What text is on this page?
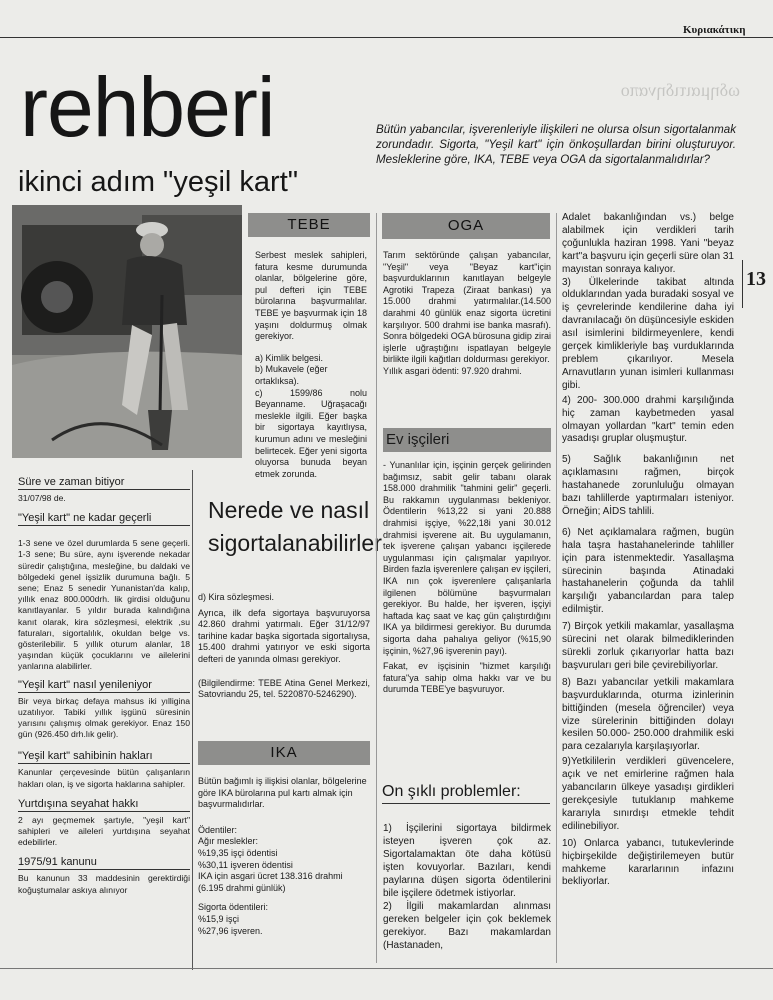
Κυριακάτικη
ωδημαιτιδηναπο
rehberi
ikinci adım "yeşil kart"
Bütün yabancılar, işverenleriyle ilişkileri ne olursa olsun sigortalanmak zorundadır. Sigorta, "Yeşil kart" için önkoşullardan birini oluşturuyor. Mesleklerine göre, IKA, TEBE veya OGA da sigortalanmalıdırlar?
Süre ve zaman bitiyor

31/07/98 de.

"Yeşil kart" ne kadar geçerli

1-3 sene ve özel durumlarda 5 sene geçerli. 1-3 sene; Bu süre, aynı işverende nekadar süredir çalıştığına, mesleğine, bu daldaki ve bölgedeki genel işsizlik durumuna bağlı. 5 sene; Enaz 5 senedir Yunanistan'da kalıp, yıllık enaz 800.000drh. lik girdisi olduğunu kanıtlayanlar. 5 yıldır burada kalındığına kanıt olarak, kira sözleşmesi, elektrik ,su faturaları, sigortalılık, okuldan belge vs. gösterilebilir. 5 yıllık oturum alanlar, 18 yaşından küçük çocuklarını ve ailelerini yanlarına alabilirler.

"Yeşil kart" nasıl yenileniyor

Bir veya birkaç defaya mahsus iki yılligina uzatılıyor. Tabiki yıllık işgünü süresinin yarısını çalışmış olmak gerekiyor. Enaz 150 gün (926.450 drh.lık gelir).

"Yeşil kart" sahibinin hakları

Kanunlar çerçevesinde bütün çalışanların hakları olan, iş ve sigorta haklarına sahipler.

Yurtdışına seyahat hakkı

2 ayı geçmemek şartıyle, "yeşil kart" sahipleri ve aileleri yurtdışına seyahat edebilirler.

1975/91 kanunu

Bu kanunun 33 maddesinin gerektirdiği koğuştumalar askıya alınıyor

TEBE

Serbest meslek sahipleri, fatura kesme durumunda olanlar, bölgelerine göre, pul defteri için TEBE bürolarına başvurmalılar. TEBE ye başvurmak için 18 yaşını doldurmuş olmak gerekiyor.

a) Kimlik belgesi.

b) Mukavele (eğer ortaklıksa).

c) 1599/86 nolu Beyanname. Uğraşacağı meslekle ilgili. Eğer başka bir sigortaya kayıtlıysa, kurumun adını ve mesleğini belirtecek. Eğer yeni sigorta oluyorsa bunuda beyan etmek zorunda.

Nerede ve nasıl sigortalanabilirler

d) Kira sözleşmesi.

Ayrıca, ilk defa sigortaya başvuruyorsa 42.860 drahmi yatırmalı. Eğer 31/12/97 tarihine kadar başka sigortada sigortalıysa, 15.400 drahmi yatırıyor ve eski sigorta defteri de yanında olması gerekiyor.

(Bilgilendirme: TEBE Atina Genel Merkezi, Satovriandu 25, tel. 5220870-5246290).

IKA

Bütün bağımlı iş ilişkisi olanlar, bölgelerine göre IKA bürolarına pul kartı almak için başvurmalıdırlar.

Ödentiler:

Ağır meslekler:

%19,35 işçi ödentisi

%30,11 işveren ödentisi

IKA için asgari ücret 138.316 drahmi (6.195 drahmi günlük)

Sigorta ödentileri:

%15,9 işçi

%27,96 işveren.

OGA

Tarım sektöründe çalışan yabancılar, "Yeşil" veya "Beyaz kart"için başvurduklarının kanıtlayan belgeyle Agrotiki Trapeza (Ziraat bankası) ya 15.000 drahmi yatırmalılar.(14.500 darahmi 40 günlük enaz sigorta ücretini karşılıyor. 500 drahmi ise banka masrafı). Sonra bölgedeki OGA bürosuna gidip zirai işlerle uğraştığını ispatlayan belgeyle birlikte ilgili kağıtları doldurması gerekiyor.

Yıllık asgari ödenti: 97.920 drahmi.

Ev işçileri

- Yunanlılar için, işçinin gerçek gelirinden bağımsız, sabit gelir tabanı olarak 158.000 drahmilik "tahmini gelir" geçerli. Bu rakkamın uygulanması bekleniyor. Ödentilerin %13,22 si yani 20.888 drahmisi işçiye, %22,18i yani 30.012 drahmisi işverene ait. Bu uygulamanın, tek işverene çalışan yabancı işçilerede uygulanması için çalışmalar yapılıyor. Birden fazla işverenlere çalışan ev işçileri, IKA nın çok işverenlere çalışanlarla ilgilenen bölümüne başvurmaları gerekiyor. Bu halde, her işveren, işçiyi haftada kaç saat ve kaç gün çalıştırdığını IKA ya bildirmesi gerekiyor. Bu durumda sigorta daha pahalıya geliyor (%15,90 işçinin, %27,96 işverenin payı).

Fakat, ev işçisinin "hizmet karşılığı fatura"ya sahip olma hakkı var ve bu durumda TEBE'ye başvuruyor.

On şıklı problemler:

1) İşçilerini sigortaya bildirmek isteyen işveren çok az. Sigortalamaktan öte daha kötüsü işten kovuyorlar. Bazıları, kendi paylarına düşen sigorta ödentilerini bile işçilere ödetmek istiyorlar.

2) İlgili makamlardan alınması gereken belgeler için çok beklemek gerekiyor. Bazı makamlardan (Hastanaden,

Adalet bakanlığından vs.) belge alabilmek için verdikleri tarih çoğunlukla haziran 1998. Yani "beyaz kart"a başvuru için geçerli süre olan 31 mayıstan sonraya kalıyor.

3) Ülkelerinde takibat altında olduklarından yada buradaki sosyal ve iş çevrelerinde kendilerine daha iyi davranılacağı ön düşüncesiyle eskiden asıl isimlerini bildirmeyenlere, kendi gerçek kimlikleriyle baş vurduklarında preblem çıkarılıyor. Mesela Arnavutların yunan isimleri kullanması gibi.

4) 200- 300.000 drahmi karşılığında hiç zaman kaybetmeden yasal olmayan yollardan "kart" temin eden yasadışı gruplar oluşmuştur.

5) Sağlık bakanlığının net açıklamasını rağmen, birçok hastahanede zorunluluğu olmayan bazı tahlillerde yaptırmaları isteniyor. Örneğin; AİDS tahlili.

6) Net açıklamalara rağmen, bugün hala taşra hastahanelerinde tahliller için para istenmektedir. Yasallaşma sürecinin başında Atinadaki hastahanelerin çoğunda da tahlil karşılığı yabancılardan para talep edilmiştir.

7) Birçok yetkili makamlar, yasallaşma sürecini net olarak bilmediklerinden sürekli zorluk çıkarıyorlar hatta bazı başvuruları geri bile çevirebiliyorlar.

8) Bazı yabancılar yetkili makamlara başvurduklarında, oturma izinlerinin bittiğinden (mesela öğrenciler) veya vize sürelerinin bittiğinden dolayı kesilen 50.000- 250.000 drahmilik eski para cezalarıyla karşılaşıyorlar.

9)Yetkililerin verdikleri güvencelere, açık ve net emirlerine rağmen hala yabancıların ülkeye yasadışı girdikleri gerekçesiyle tutuklanıp mahkeme kararıyla sınırdışı etmekle tehdit edilinebiliyor.

10) Onlarca yabancı, tutukevlerinde hiçbirşekilde değiştirilemeyen butür mahkeme kararlarının infazını bekliyorlar.

13
